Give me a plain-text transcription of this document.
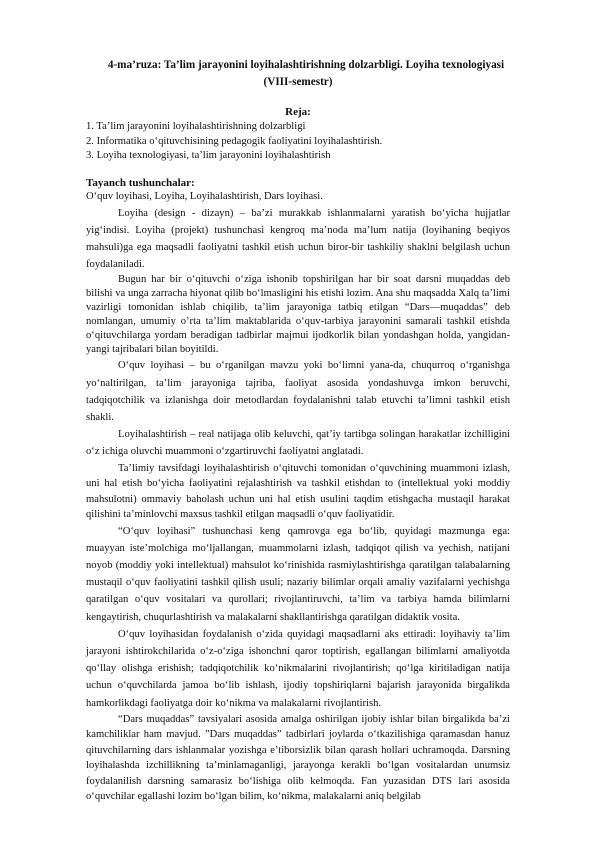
4-ma’ruza: Ta’lim jarayonini loyihalashtirishning dolzarbligi. Loyiha texnologiyasi
(VIII-semestr)
Reja:
1. Ta’lim jarayonini loyihalashtirishning dolzarbligi
2. Informatika o‘qituvchisining pedagogik faoliyatini loyihalashtirish.
3. Loyiha texnologiyasi, ta’lim jarayonini loyihalashtirish
Tayanch tushunchalar:
O‘quv loyihasi, Loyiha, Loyihalashtirish, Dars loyihasi.

Loyiha (design - dizayn) – ba’zi murakkab ishlanmalarni yaratish bo‘yicha hujjatlar yig‘indisi. Loyiha (projekt) tushunchasi kengroq ma’noda ma’lum natija (loyihaning beqiyos mahsuli)ga ega maqsadli faoliyatni tashkil etish uchun biror-bir tashkiliy shaklni belgilash uchun foydalaniladi.

Bugun har bir o‘qituvchi o‘ziga ishonib topshirilgan har bir soat darsni muqaddas deb bilishi va unga zarracha hiyonat qilib bo‘lmasligini his etishi lozim. Ana shu maqsadda Xalq ta’limi vazirligi tomonidan ishlab chiqilib, ta’lim jarayoniga tatbiq etilgan “Dars—muqaddas” deb nomlangan, umumiy o’rta ta’lim maktablarida o‘quv-tarbiya jarayonini samarali tashkil etishda o‘qituvchilarga yordam beradigan tadbirlar majmui ijodkorlik bilan yondashgan holda, yangidan-yangi tajribalari bilan boyitildi.

O‘quv loyihasi – bu o‘rganilgan mavzu yoki bo‘limni yana-da, chuqurroq o‘rganishga yo‘naltirilgan, ta’lim jarayoniga tajriba, faoliyat asosida yondashuvga imkon beruvchi, tadqiqotchilik va izlanishga doir metodlardan foydalanishni talab etuvchi ta’limni tashkil etish shakli.

Loyihalashtirish – real natijaga olib keluvchi, qat’iy tartibga solingan harakatlar izchilligini o‘z ichiga oluvchi muammoni o‘zgartiruvchi faoliyatni anglatadi.

Ta’limiy tavsifdagi loyihalashtirish o‘qituvchi tomonidan o‘quvchining muammoni izlash, uni hal etish bo‘yicha faoliyatini rejalashtirish va tashkil etishdan to (intellektual yoki moddiy mahsulotni) ommaviy baholash uchun uni hal etish usulini taqdim etishgacha mustaqil harakat qilishini ta’minlovchi maxsus tashkil etilgan maqsadli o‘quv faoliyatidir.

“O‘quv loyihasi” tushunchasi keng qamrovga ega bo‘lib, quyidagi mazmunga ega: muayyan iste’molchiga mo‘ljallangan, muammolarni izlash, tadqiqot qilish va yechish, natijani noyob (moddiy yoki intellektual) mahsulot ko‘rinishida rasmiylashtirishga qaratilgan talabalarning mustaqil o‘quv faoliyatini tashkil qilish usuli; nazariy bilimlar orqali amaliy vazifalarni yechishga qaratilgan o‘quv vositalari va qurollari; rivojlantiruvchi, ta’lim va tarbiya hamda bilimlarni kengaytirish, chuqurlashtirish va malakalarni shakllantirishga qaratilgan didaktik vosita.

O‘quv loyihasidan foydalanish o‘zida quyidagi maqsadlarni aks ettiradi: loyihaviy ta’lim jarayoni ishtirokchilarida o‘z-o‘ziga ishonchni qaror toptirish, egallangan bilimlarni amaliyotda qo‘llay olishga erishish; tadqiqotchilik ko‘nikmalarini rivojlantirish; qo‘lga kiritiladigan natija uchun o‘quvchilarda jamoa bo‘lib ishlash, ijodiy topshiriqlarni bajarish jarayonida birgalikda hamkorlikdagi faoliyatga doir ko‘nikma va malakalarni rivojlantirish.

“Dars muqaddas” tavsiyalari asosida amalga oshirilgan ijobiy ishlar bilan birgalikda ba’zi kamchiliklar ham mavjud. ”Dars muqaddas” tadbirlari joylarda o‘tkazilishiga qaramasdan hanuz qituvchilarning dars ishlanmalar yozishga e’tiborsizlik bilan qarash hollari uchramoqda. Darsning loyihalashda izchillikning ta’minlamaganligi, jarayonga kerakli bo‘lgan vositalardan unumsiz foydalanilish darsning samarasiz bo‘lishiga olib kelmoqda. Fan yuzasidan DTS lari asosida o‘quvchilar egallashi lozim bo‘lgan bilim, ko‘nikma, malakalarni aniq belgilab
